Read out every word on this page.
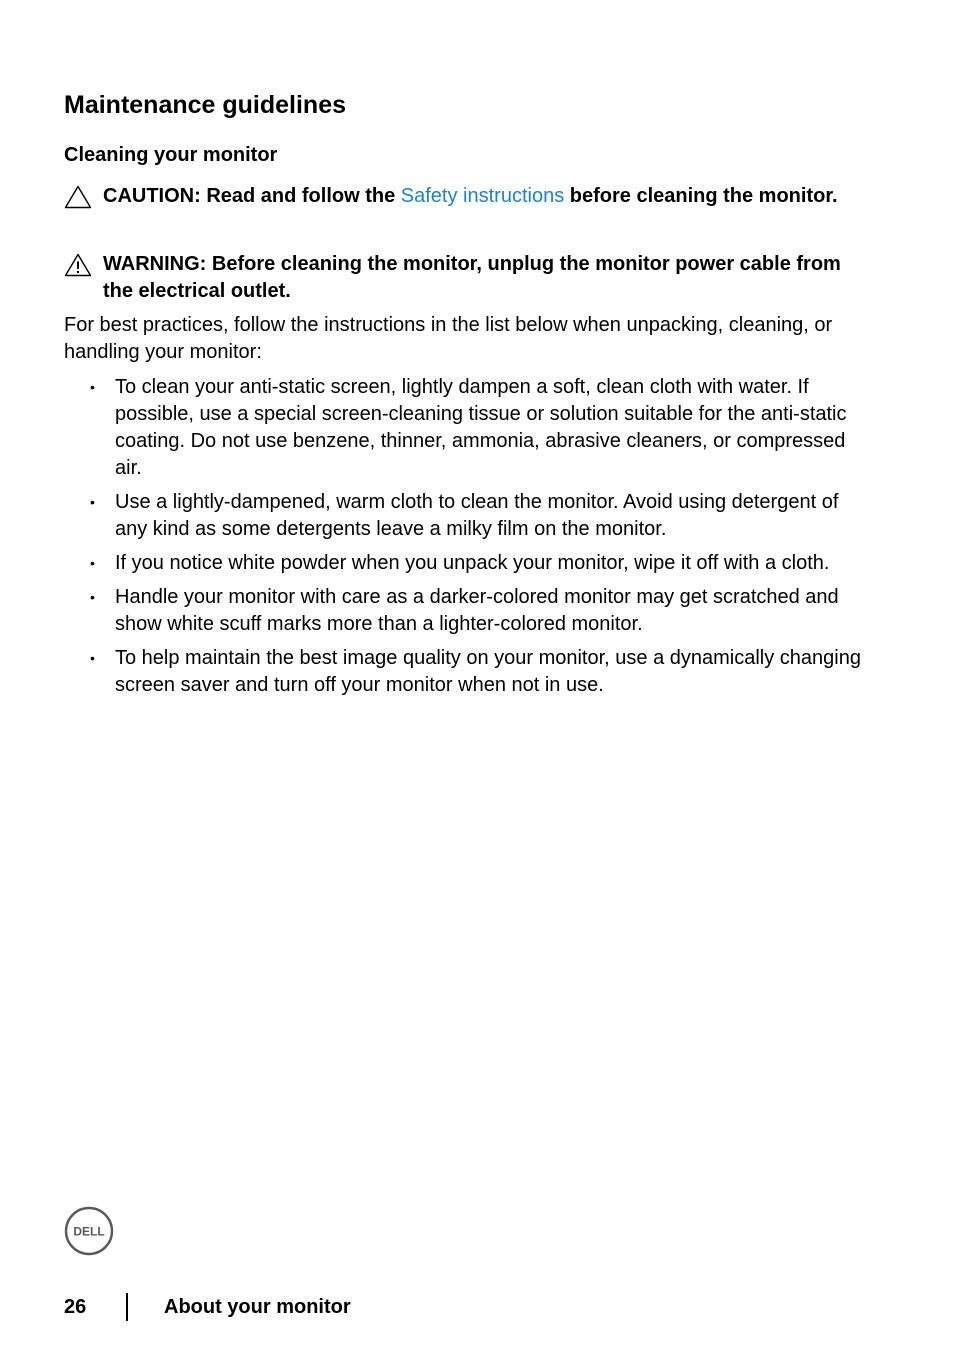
Maintenance guidelines
Cleaning your monitor

CAUTION: Read and follow the Safety instructions before cleaning the monitor.

WARNING: Before cleaning the monitor, unplug the monitor power cable from the electrical outlet.

For best practices, follow the instructions in the list below when unpacking, cleaning, or handling your monitor:

• To clean your anti-static screen, lightly dampen a soft, clean cloth with water. If possible, use a special screen-cleaning tissue or solution suitable for the anti-static coating. Do not use benzene, thinner, ammonia, abrasive cleaners, or compressed air.
• Use a lightly-dampened, warm cloth to clean the monitor. Avoid using detergent of any kind as some detergents leave a milky film on the monitor.
• If you notice white powder when you unpack your monitor, wipe it off with a cloth.
• Handle your monitor with care as a darker-colored monitor may get scratched and show white scuff marks more than a lighter-colored monitor.
• To help maintain the best image quality on your monitor, use a dynamically changing screen saver and turn off your monitor when not in use.
DELL
26	About your monitor
